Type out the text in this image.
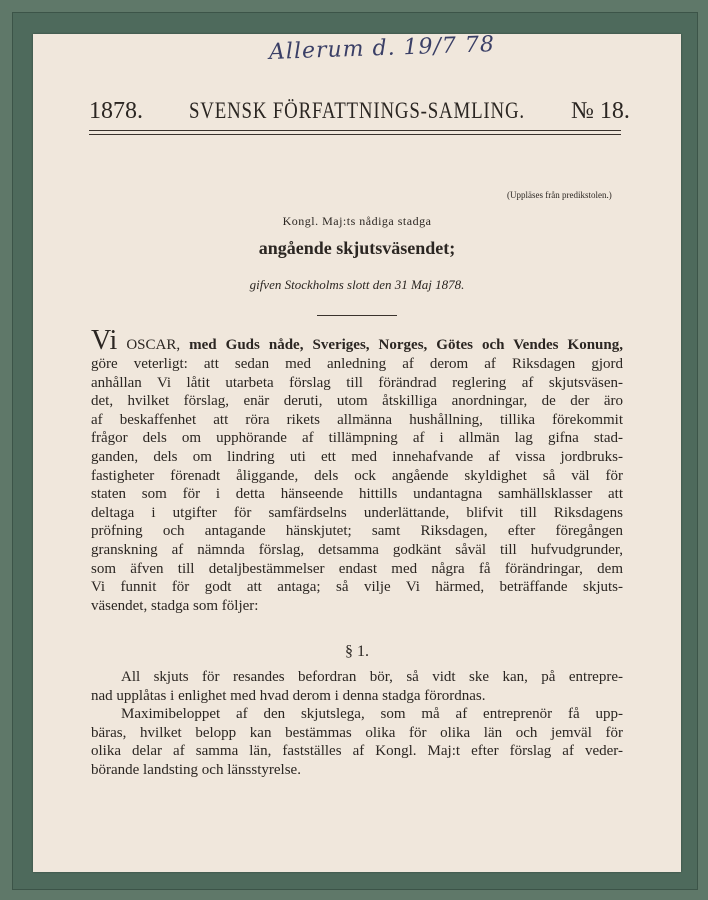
Allerum d. 19/7 78
1878. SVENSK FÖRFATTNINGS-SAMLING. № 18.
(Uppläses från predikstolen.)
Kongl. Maj:ts nådiga stadga
angående skjutsväsendet;
gifven Stockholms slott den 31 Maj 1878.
Vi OSCAR, med Guds nåde, Sveriges, Norges, Götes och Vendes Konung,
göre veterligt: att sedan med anledning af derom af Riksdagen gjord
anhållan Vi låtit utarbeta förslag till förändrad reglering af skjutsväsen-
det, hvilket förslag, enär deruti, utom åtskilliga anordningar, de der äro
af beskaffenhet att röra rikets allmänna hushållning, tillika förekommit
frågor dels om upphörande af tillämpning af i allmän lag gifna stad-
ganden, dels om lindring uti ett med innehafvande af vissa jordbruks-
fastigheter förenadt åliggande, dels ock angående skyldighet så väl för
staten som för i detta hänseende hittills undantagna samhällsklasser att
deltaga i utgifter för samfärdselns underlättande, blifvit till Riksdagens
pröfning och antagande hänskjutet; samt Riksdagen, efter föregången
granskning af nämnda förslag, detsamma godkänt såväl till hufvudgrunder,
som äfven till detaljbestämmelser endast med några få förändringar, dem
Vi funnit för godt att antaga; så vilje Vi härmed, beträffande skjuts-
väsendet, stadga som följer:
§ 1.
All skjuts för resandes befordran bör, så vidt ske kan, på entrepre-
nad upplåtas i enlighet med hvad derom i denna stadga förordnas.
Maximibeloppet af den skjutslega, som må af entreprenör få upp-
bäras, hvilket belopp kan bestämmas olika för olika län och jemväl för
olika delar af samma län, fastställes af Kongl. Maj:t efter förslag af veder-
börande landsting och länsstyrelse.
